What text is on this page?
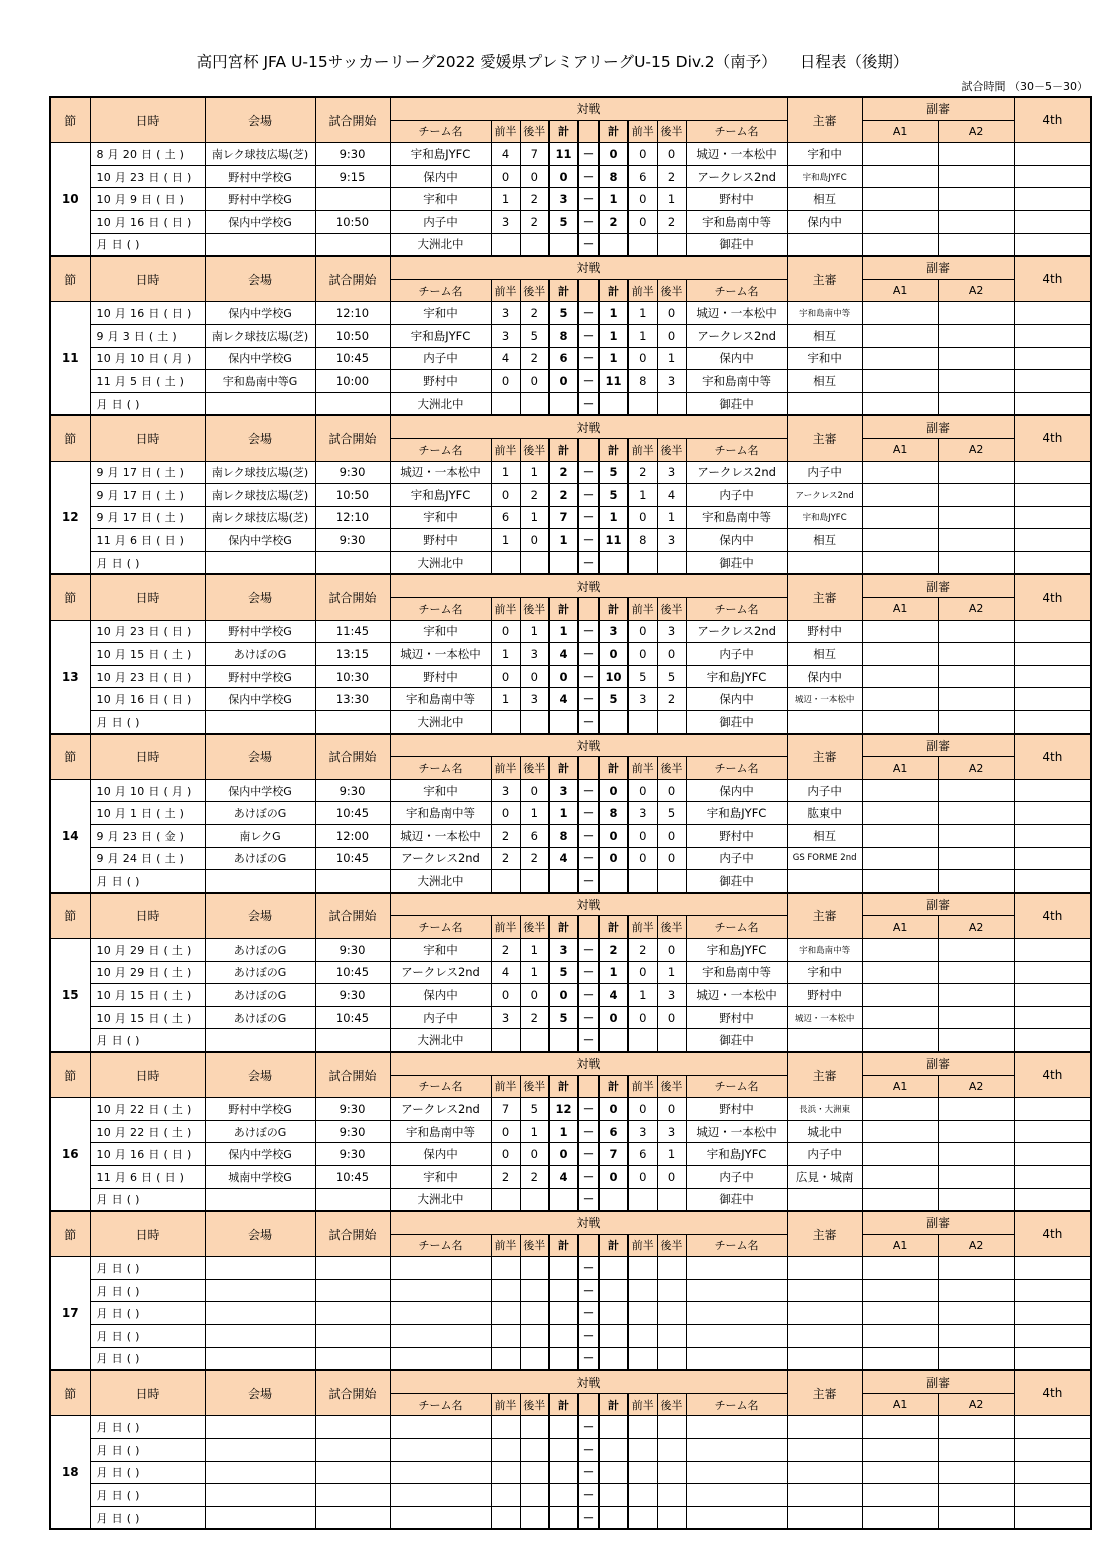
高円宮杯 JFA U-15サッカーリーグ2022 愛媛県プレミアリーグU-15 Div.2（南予）　　日程表（後期）
試合時間 （30－5－30）
節	日時	会場	試合開始	対戦									主審	副審		4th
				チーム名	前半	後半	計		計	前半	後半	チーム名		A1	A2	
10	8 月 20 日 ( 土 )	南レク球技広場(芝)	9:30	宇和島JYFC	4	7	11	－	0	0	0	城辺・一本松中	宇和中			
	10 月 23 日 ( 日 )	野村中学校G	9:15	保内中	0	0	0	－	8	6	2	アークレス2nd	宇和島JYFC			
	10 月 9 日 ( 日 )	野村中学校G		宇和中	1	2	3	－	1	0	1	野村中	相互			
	10 月 16 日 ( 日 )	保内中学校G	10:50	内子中	3	2	5	－	2	0	2	宇和島南中等	保内中			
	月 日 ( )			大洲北中				－				御荘中				
節	日時	会場	試合開始	対戦									主審	副審		4th
				チーム名	前半	後半	計		計	前半	後半	チーム名		A1	A2	
11	10 月 16 日 ( 日 )	保内中学校G	12:10	宇和中	3	2	5	－	1	1	0	城辺・一本松中	宇和島南中等			
	9 月 3 日 ( 土 )	南レク球技広場(芝)	10:50	宇和島JYFC	3	5	8	－	1	1	0	アークレス2nd	相互			
	10 月 10 日 ( 月 )	保内中学校G	10:45	内子中	4	2	6	－	1	0	1	保内中	宇和中			
	11 月 5 日 ( 土 )	宇和島南中等G	10:00	野村中	0	0	0	－	11	8	3	宇和島南中等	相互			
	月 日 ( )			大洲北中				－				御荘中				
節	日時	会場	試合開始	対戦									主審	副審		4th
				チーム名	前半	後半	計		計	前半	後半	チーム名		A1	A2	
12	9 月 17 日 ( 土 )	南レク球技広場(芝)	9:30	城辺・一本松中	1	1	2	－	5	2	3	アークレス2nd	内子中			
	9 月 17 日 ( 土 )	南レク球技広場(芝)	10:50	宇和島JYFC	0	2	2	－	5	1	4	内子中	アークレス2nd			
	9 月 17 日 ( 土 )	南レク球技広場(芝)	12:10	宇和中	6	1	7	－	1	0	1	宇和島南中等	宇和島JYFC			
	11 月 6 日 ( 日 )	保内中学校G	9:30	野村中	1	0	1	－	11	8	3	保内中	相互			
	月 日 ( )			大洲北中				－				御荘中				
節	日時	会場	試合開始	対戦									主審	副審		4th
				チーム名	前半	後半	計		計	前半	後半	チーム名		A1	A2	
13	10 月 23 日 ( 日 )	野村中学校G	11:45	宇和中	0	1	1	－	3	0	3	アークレス2nd	野村中			
	10 月 15 日 ( 土 )	あけぼのG	13:15	城辺・一本松中	1	3	4	－	0	0	0	内子中	相互			
	10 月 23 日 ( 日 )	野村中学校G	10:30	野村中	0	0	0	－	10	5	5	宇和島JYFC	保内中			
	10 月 16 日 ( 日 )	保内中学校G	13:30	宇和島南中等	1	3	4	－	5	3	2	保内中	城辺・一本松中			
	月 日 ( )			大洲北中				－				御荘中				
節	日時	会場	試合開始	対戦									主審	副審		4th
				チーム名	前半	後半	計		計	前半	後半	チーム名		A1	A2	
14	10 月 10 日 ( 月 )	保内中学校G	9:30	宇和中	3	0	3	－	0	0	0	保内中	内子中			
	10 月 1 日 ( 土 )	あけぼのG	10:45	宇和島南中等	0	1	1	－	8	3	5	宇和島JYFC	肱東中			
	9 月 23 日 ( 金 )	南レクG	12:00	城辺・一本松中	2	6	8	－	0	0	0	野村中	相互			
	9 月 24 日 ( 土 )	あけぼのG	10:45	アークレス2nd	2	2	4	－	0	0	0	内子中	GS FORME 2nd			
	月 日 ( )			大洲北中				－				御荘中				
節	日時	会場	試合開始	対戦									主審	副審		4th
				チーム名	前半	後半	計		計	前半	後半	チーム名		A1	A2	
15	10 月 29 日 ( 土 )	あけぼのG	9:30	宇和中	2	1	3	－	2	2	0	宇和島JYFC	宇和島南中等			
	10 月 29 日 ( 土 )	あけぼのG	10:45	アークレス2nd	4	1	5	－	1	0	1	宇和島南中等	宇和中			
	10 月 15 日 ( 土 )	あけぼのG	9:30	保内中	0	0	0	－	4	1	3	城辺・一本松中	野村中			
	10 月 15 日 ( 土 )	あけぼのG	10:45	内子中	3	2	5	－	0	0	0	野村中	城辺・一本松中			
	月 日 ( )			大洲北中				－				御荘中				
節	日時	会場	試合開始	対戦									主審	副審		4th
				チーム名	前半	後半	計		計	前半	後半	チーム名		A1	A2	
16	10 月 22 日 ( 土 )	野村中学校G	9:30	アークレス2nd	7	5	12	－	0	0	0	野村中	長浜・大洲東			
	10 月 22 日 ( 土 )	あけぼのG	9:30	宇和島南中等	0	1	1	－	6	3	3	城辺・一本松中	城北中			
	10 月 16 日 ( 日 )	保内中学校G	9:30	保内中	0	0	0	－	7	6	1	宇和島JYFC	内子中			
	11 月 6 日 ( 日 )	城南中学校G	10:45	宇和中	2	2	4	－	0	0	0	内子中	広見・城南			
	月 日 ( )			大洲北中				－				御荘中				
節	日時	会場	試合開始	対戦									主審	副審		4th
				チーム名	前半	後半	計		計	前半	後半	チーム名		A1	A2	
17	月 日 ( )							－								
	月 日 ( )							－								
	月 日 ( )							－								
	月 日 ( )							－								
	月 日 ( )							－								
節	日時	会場	試合開始	対戦									主審	副審		4th
				チーム名	前半	後半	計		計	前半	後半	チーム名		A1	A2	
18	月 日 ( )							－								
	月 日 ( )							－								
	月 日 ( )							－								
	月 日 ( )							－								
	月 日 ( )							－								
